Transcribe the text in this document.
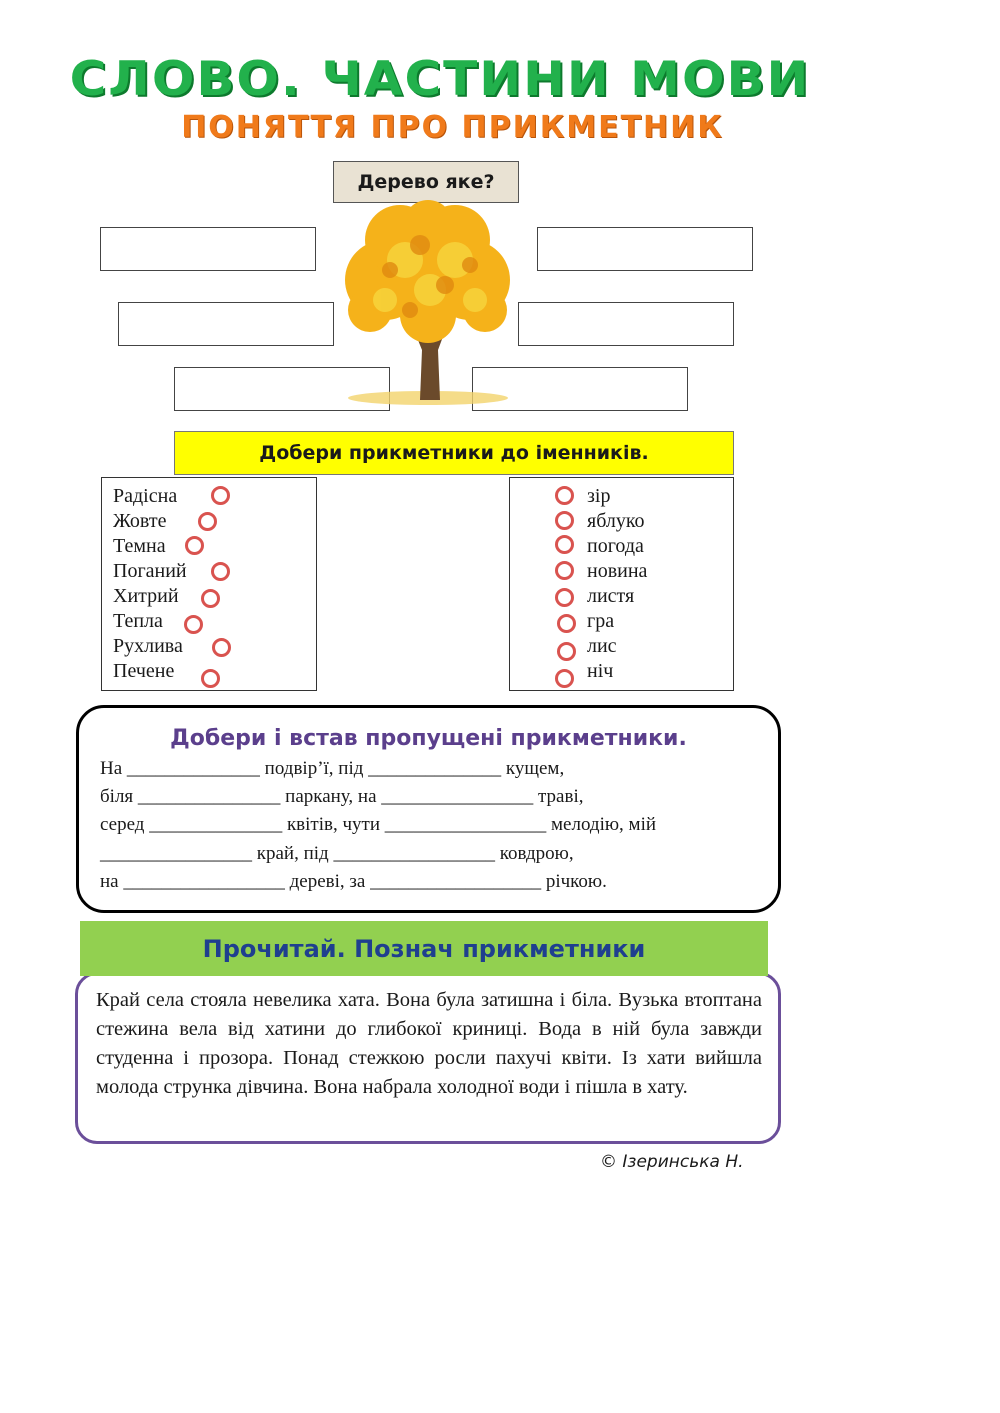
СЛОВО. ЧАСТИНИ МОВИ
ПОНЯТТЯ ПРО ПРИКМЕТНИК
Дерево яке?
Добери прикметники до іменників.
Радісна
Жовте
Темна
Поганий
Хитрий
Тепла
Рухлива
Печене
зір
яблуко
погода
новина
листя
гра
лис
ніч
Добери і встав пропущені прикметники.
На ______________ подвір’ї, під ______________ кущем,
біля _______________ паркану, на ________________ траві,
серед ______________ квітів, чути _________________ мелодію, мій
________________ край, під _________________ ковдрою,
на _________________ дереві, за __________________ річкою.
Прочитай. Познач прикметники
Край села стояла невелика хата. Вона була затишна і біла. Вузька втоптана стежина вела від хатини до глибокої криниці. Вода в ній була завжди студенна і прозора. Понад стежкою росли пахучі квіти. Із хати вийшла молода струнка дівчина. Вона набрала холодної води і пішла в хату.
© Ізеринська Н.
